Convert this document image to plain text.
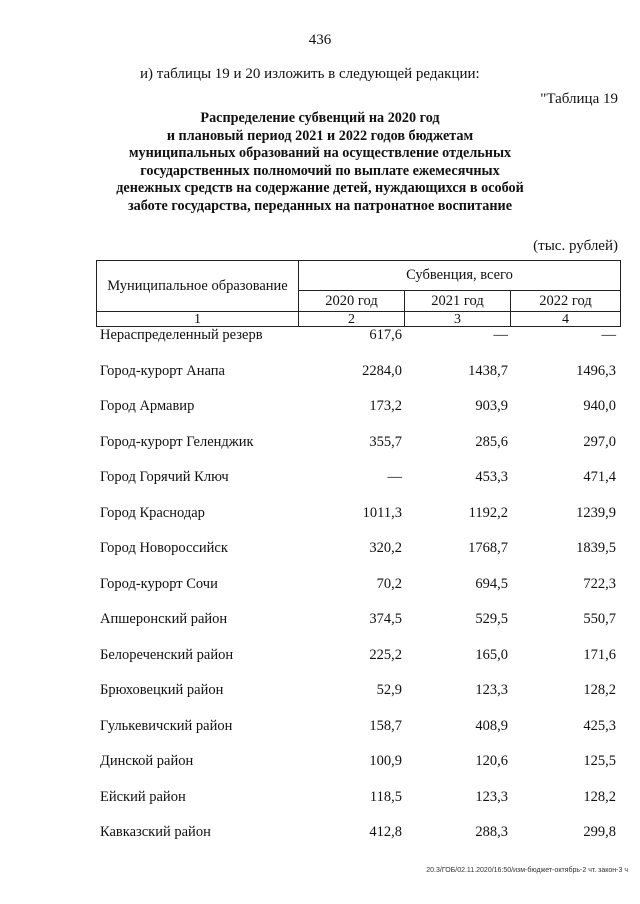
436
и) таблицы 19 и 20 изложить в следующей редакции:
"Таблица 19
Распределение субвенций на 2020 год
и плановый период 2021 и 2022 годов бюджетам
муниципальных образований на осуществление отдельных
государственных полномочий по выплате ежемесячных
денежных средств на содержание детей, нуждающихся в особой
заботе государства, переданных на патронатное воспитание
(тыс. рублей)
Муниципальное образование	Субвенция, всего		
	2020 год	2021 год	2022 год
1	2	3	4
Нераспределенный резерв	617,6	—	—
Город-курорт Анапа	2284,0	1438,7	1496,3
Город Армавир	173,2	903,9	940,0
Город-курорт Геленджик	355,7	285,6	297,0
Город Горячий Ключ	—	453,3	471,4
Город Краснодар	1011,3	1192,2	1239,9
Город Новороссийск	320,2	1768,7	1839,5
Город-курорт Сочи	70,2	694,5	722,3
Апшеронский район	374,5	529,5	550,7
Белореченский район	225,2	165,0	171,6
Брюховецкий район	52,9	123,3	128,2
Гулькевичский район	158,7	408,9	425,3
Динской район	100,9	120,6	125,5
Ейский район	118,5	123,3	128,2
Кавказский район	412,8	288,3	299,8
20.3/ГОБ/02.11.2020/16:50/изм-бюджет-октябрь-2 чт. закон-3 ч
